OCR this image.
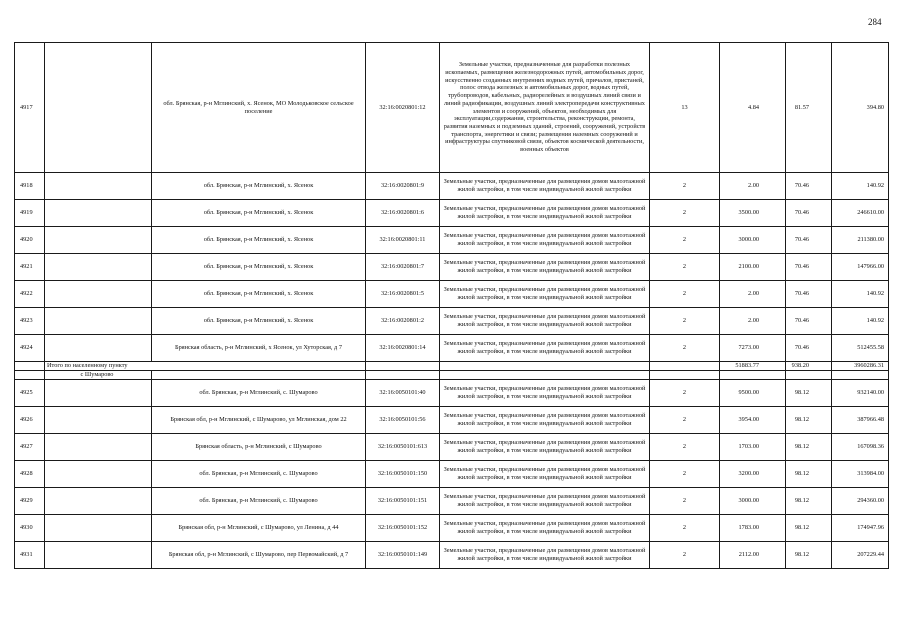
284
4917		обл. Брянская, р-н Мглинский, х. Ясенок, МО Молодьковское сельское поселение	32:16:0020801:12	Земельные участки, предназначенные для разработки полезных ископаемых, размещения железнодорожных путей, автомобильных дорог, искусственно созданных внутренних водных путей, причалов, пристаней, полос отвода железных и автомобильных дорог, водных путей, трубопроводов, кабельных, радиорелейных и воздушных линий связи и линий радиофикации, воздушных линий электропередачи конструктивных элементов и сооружений, объектов, необходимых для эксплуатации,содержания, строительства, реконструкции, ремонта, развития наземных и подземных зданий, строений, сооружений, устройств транспорта, энергетики и связи; размещения наземных сооружений и инфраструктуры спутниковой связи, объектов космической деятельности, военных объектов	13	4.84	81.57	394.80
4918		обл. Брянская, р-н Мглинский, х. Ясенок	32:16:0020801:9	Земельные участки, предназначенные для размещения домов малоэтажной жилой застройки, в том числе индивидуальной жилой застройки	2	2.00	70.46	140.92
4919		обл. Брянская, р-н Мглинский, х. Ясенок	32:16:0020801:6	Земельные участки, предназначенные для размещения домов малоэтажной жилой застройки, в том числе индивидуальной жилой застройки	2	3500.00	70.46	246610.00
4920		обл. Брянская, р-н Мглинский, х. Ясенок	32:16:0020801:11	Земельные участки, предназначенные для размещения домов малоэтажной жилой застройки, в том числе индивидуальной жилой застройки	2	3000.00	70.46	211380.00
4921		обл. Брянская, р-н Мглинский, х. Ясенок	32:16:0020801:7	Земельные участки, предназначенные для размещения домов малоэтажной жилой застройки, в том числе индивидуальной жилой застройки	2	2100.00	70.46	147966.00
4922		обл. Брянская, р-н Мглинский, х. Ясенок	32:16:0020801:5	Земельные участки, предназначенные для размещения домов малоэтажной жилой застройки, в том числе индивидуальной жилой застройки	2	2.00	70.46	140.92
4923		обл. Брянская, р-н Мглинский, х. Ясенок	32:16:0020801:2	Земельные участки, предназначенные для размещения домов малоэтажной жилой застройки, в том числе индивидуальной жилой застройки	2	2.00	70.46	140.92
4924		Брянская область, р-н Мглинский, х Ясенок, ул Хуторская, д 7	32:16:0020801:14	Земельные участки, предназначенные для размещения домов малоэтажной жилой застройки, в том числе индивидуальной жилой застройки	2	7273.00	70.46	512455.58
	Итого по населенному пункту					51883.77	938.20	3960286.31
	с Шумарово							
4925		обл. Брянская, р-н Мглинский, с. Шумарово	32:16:0050101:40	Земельные участки, предназначенные для размещения домов малоэтажной жилой застройки, в том числе индивидуальной жилой застройки	2	9500.00	98.12	932140.00
4926		Брянская обл, р-н Мглинский, с Шумарово, ул Мглинская, дом 22	32:16:0050101:56	Земельные участки, предназначенные для размещения домов малоэтажной жилой застройки, в том числе индивидуальной жилой застройки	2	3954.00	98.12	387966.48
4927		Брянская область, р-н Мглинский, с Шумарово	32:16:0050101:613	Земельные участки, предназначенные для размещения домов малоэтажной жилой застройки, в том числе индивидуальной жилой застройки	2	1703.00	98.12	167098.36
4928		обл. Брянская, р-н Мглинский, с. Шумарово	32:16:0050101:150	Земельные участки, предназначенные для размещения домов малоэтажной жилой застройки, в том числе индивидуальной жилой застройки	2	3200.00	98.12	313984.00
4929		обл. Брянская, р-н Мглинский, с. Шумарово	32:16:0050101:151	Земельные участки, предназначенные для размещения домов малоэтажной жилой застройки, в том числе индивидуальной жилой застройки	2	3000.00	98.12	294360.00
4930		Брянская обл, р-н Мглинский, с Шумарово, ул Ленина, д 44	32:16:0050101:152	Земельные участки, предназначенные для размещения домов малоэтажной жилой застройки, в том числе индивидуальной жилой застройки	2	1783.00	98.12	174947.96
4931		Брянская обл, р-н Мглинский, с Шумарово, пер Первомайский, д 7	32:16:0050101:149	Земельные участки, предназначенные для размещения домов малоэтажной жилой застройки, в том числе индивидуальной жилой застройки	2	2112.00	98.12	207229.44
